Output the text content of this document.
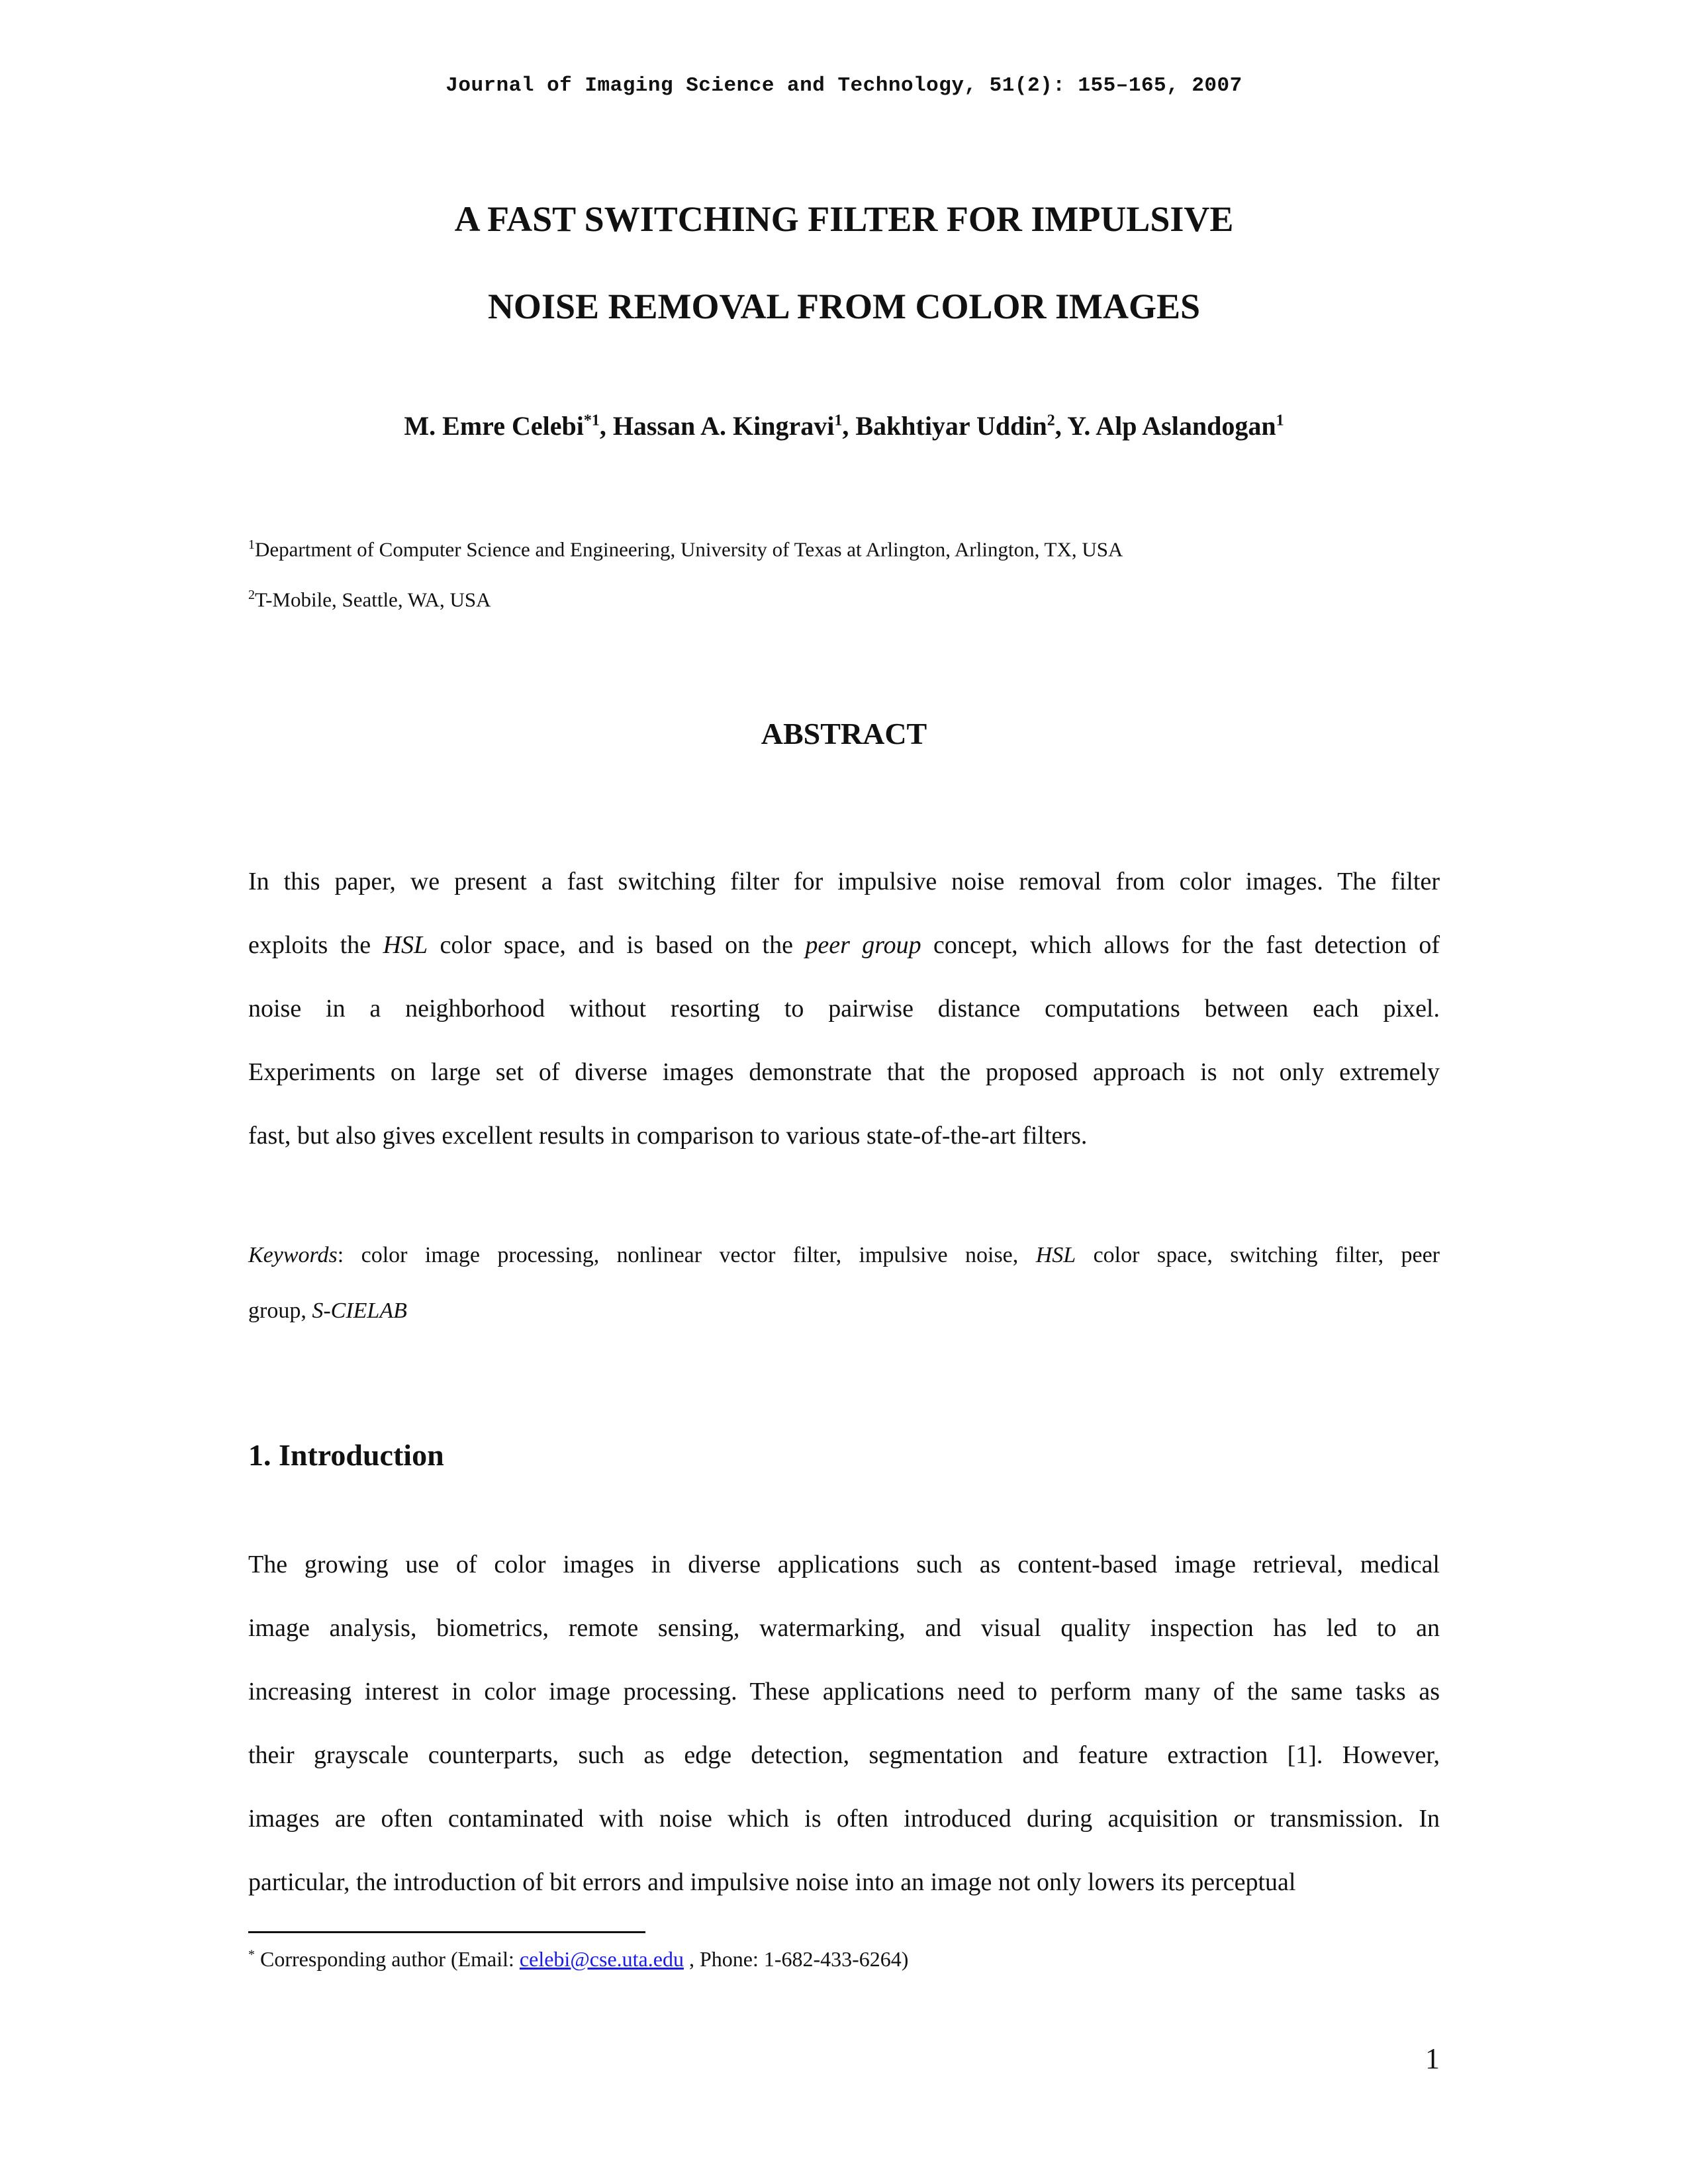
Journal of Imaging Science and Technology, 51(2): 155–165, 2007
A FAST SWITCHING FILTER FOR IMPULSIVE
NOISE REMOVAL FROM COLOR IMAGES
M. Emre Celebi$^{*1}$, Hassan A. Kingravi$^1$, Bakhtiyar Uddin$^2$, Y. Alp Aslandogan$^1$
$^1$Department of Computer Science and Engineering, University of Texas at Arlington, Arlington, TX, USA
$^2$T-Mobile, Seattle, WA, USA
ABSTRACT
In this paper, we present a fast switching filter for impulsive noise removal from color images. The filter
exploits the HSL color space, and is based on the peer group concept, which allows for the fast detection of
noise in a neighborhood without resorting to pairwise distance computations between each pixel.
Experiments on large set of diverse images demonstrate that the proposed approach is not only extremely
fast, but also gives excellent results in comparison to various state-of-the-art filters.
Keywords: color image processing, nonlinear vector filter, impulsive noise, HSL color space, switching filter, peer
group, S-CIELAB
1. Introduction
The growing use of color images in diverse applications such as content-based image retrieval, medical
image analysis, biometrics, remote sensing, watermarking, and visual quality inspection has led to an
increasing interest in color image processing. These applications need to perform many of the same tasks as
their grayscale counterparts, such as edge detection, segmentation and feature extraction [1]. However,
images are often contaminated with noise which is often introduced during acquisition or transmission. In
particular, the introduction of bit errors and impulsive noise into an image not only lowers its perceptual
* Corresponding author (Email: celebi@cse.uta.edu , Phone: 1-682-433-6264)
1
